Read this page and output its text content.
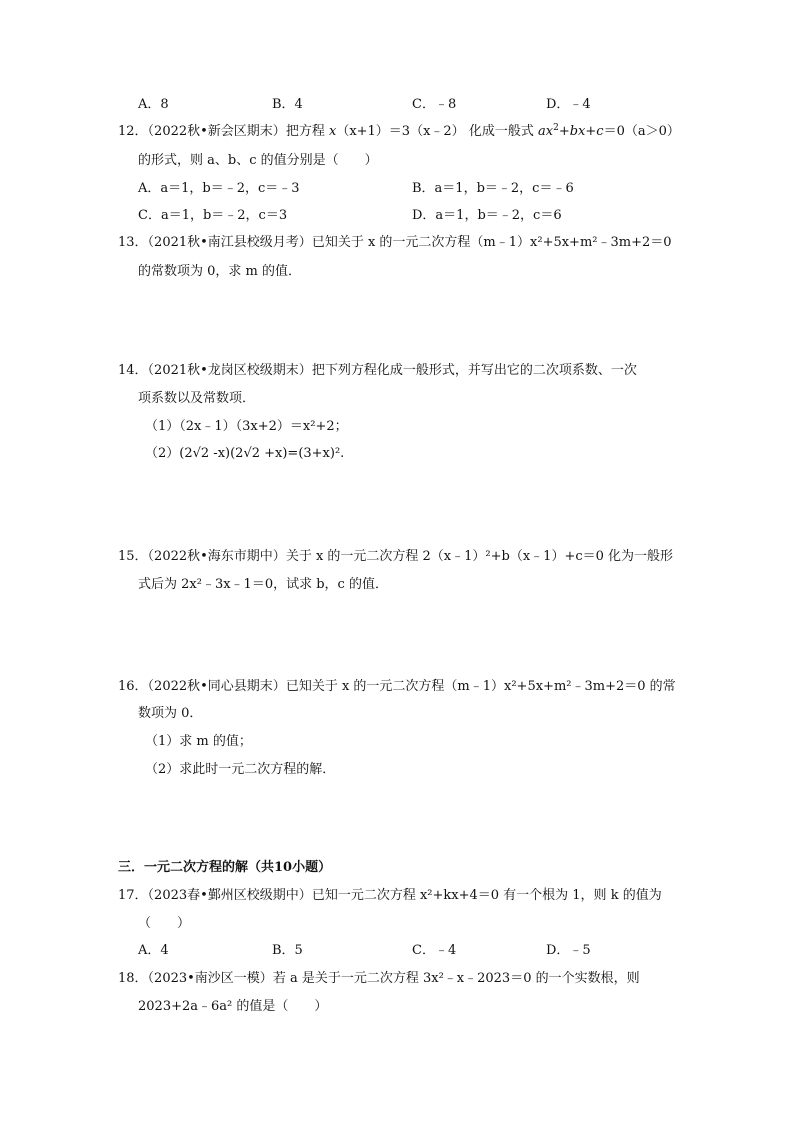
A．8	B．4	C．﹣8	D．﹣4
12．（2022秋•新会区期末）把方程 x（x+1）＝3（x﹣2） 化成一般式 $ax^2+bx+c=0(a>0)$
的形式，则 a、b、c 的值分别是（　　）
A．a＝1，b＝﹣2，c＝﹣3	B．a＝1，b＝﹣2，c＝﹣6
C．a＝1，b＝﹣2，c＝3	D．a＝1，b＝﹣2，c＝6
13．（2021秋•南江县校级月考）已知关于 x 的一元二次方程（m﹣1）x²+5x+m²﹣3m+2＝0
的常数项为 0，求 m 的值．
14．（2021秋•龙岗区校级期末）把下列方程化成一般形式，并写出它的二次项系数、一次
项系数以及常数项．
（1）（2x﹣1）（3x+2）＝x²+2；
（2）(2√2 -x)(2√2 +x)=(3+x)².
15．（2022秋•海东市期中）关于 x 的一元二次方程 2（x﹣1）²+b（x﹣1）+c＝0 化为一般形
式后为 2x²﹣3x﹣1＝0，试求 b，c 的值．
16．（2022秋•同心县期末）已知关于 x 的一元二次方程（m﹣1）x²+5x+m²﹣3m+2＝0 的常
数项为 0．
（1）求 m 的值；
（2）求此时一元二次方程的解．
三．一元二次方程的解（共10小题）
17．（2023春•鄞州区校级期中）已知一元二次方程 x²+kx+4＝0 有一个根为 1，则 k 的值为
（　　）
A．4	B．5	C．﹣4	D．﹣5
18．（2023•南沙区一模）若 a 是关于一元二次方程 3x²﹣x﹣2023＝0 的一个实数根，则
2023+2a﹣6a² 的值是（　　）
